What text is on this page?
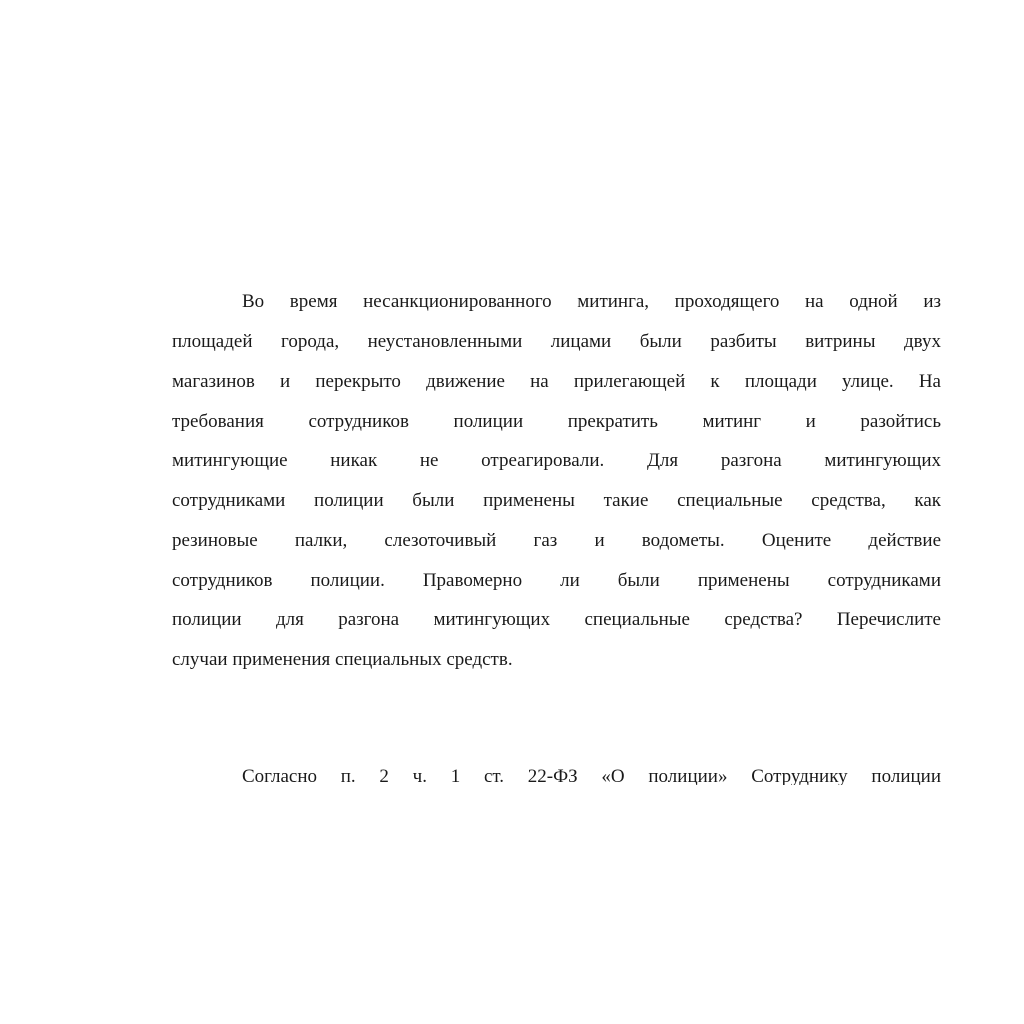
Во время несанкционированного митинга, проходящего на одной из
площадей города, неустановленными лицами были разбиты витрины двух
магазинов и перекрыто движение на прилегающей к площади улице. На
требования сотрудников полиции прекратить митинг и разойтись
митингующие никак не отреагировали. Для разгона митингующих
сотрудниками полиции были применены такие специальные средства, как
резиновые палки, слезоточивый газ и водометы. Оцените действие
сотрудников полиции. Правомерно ли были применены сотрудниками
полиции для разгона митингующих специальные средства? Перечислите
случаи применения специальных средств.
Согласно п. 2 ч. 1 ст. 22-ФЗ «О полиции» Сотруднику полиции
